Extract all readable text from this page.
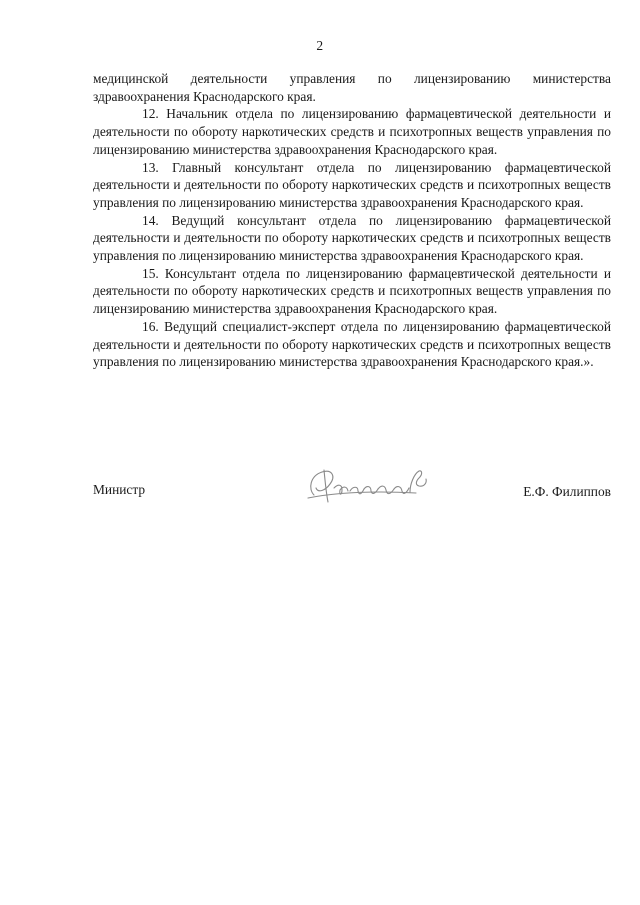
2

медицинской деятельности управления по лицензированию министерства здравоохранения Краснодарского края.

12. Начальник отдела по лицензированию фармацевтической деятельности и деятельности по обороту наркотических средств и психотропных веществ управления по лицензированию министерства здравоохранения Краснодарского края.

13. Главный консультант отдела по лицензированию фармацевтической деятельности и деятельности по обороту наркотических средств и психотропных веществ управления по лицензированию министерства здравоохранения Краснодарского края.

14. Ведущий консультант отдела по лицензированию фармацевтической деятельности и деятельности по обороту наркотических средств и психотропных веществ управления по лицензированию министерства здравоохранения Краснодарского края.

15. Консультант отдела по лицензированию фармацевтической деятельности и деятельности по обороту наркотических средств и психотропных веществ управления по лицензированию министерства здравоохранения Краснодарского края.

16. Ведущий специалист-эксперт отдела по лицензированию фармацевтической деятельности и деятельности по обороту наркотических средств и психотропных веществ управления по лицензированию министерства здравоохранения Краснодарского края.».

Министр	Е.Ф. Филиппов
